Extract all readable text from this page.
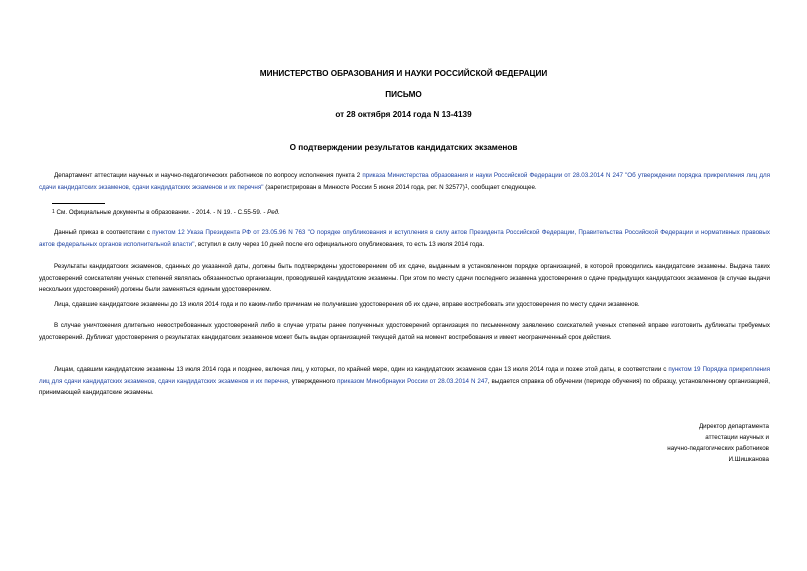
МИНИСТЕРСТВО ОБРАЗОВАНИЯ И НАУКИ РОССИЙСКОЙ ФЕДЕРАЦИИ
ПИСЬМО
от 28 октября 2014 года N 13-4139
О подтверждении результатов кандидатских экзаменов
Департамент аттестации научных и научно-педагогических работников по вопросу исполнения пункта 2 приказа Министерства образования и науки Российской Федерации от 28.03.2014 N 247 "Об утверждении порядка прикрепления лиц для сдачи кандидатских экзаменов, сдачи кандидатских экзаменов и их перечня" (зарегистрирован в Минюсте России 5 июня 2014 года, рег. N 32577)$^1$, сообщает следующее.
$^1$ См. Официальные документы в образовании. - 2014. - N 19. - С.55-59. - Ред.
Данный приказ в соответствии с пунктом 12 Указа Президента РФ от 23.05.96 N 763 "О порядке опубликования и вступления в силу актов Президента Российской Федерации, Правительства Российской Федерации и нормативных правовых актов федеральных органов исполнительной власти", вступил в силу через 10 дней после его официального опубликования, то есть 13 июля 2014 года.
Результаты кандидатских экзаменов, сданных до указанной даты, должны быть подтверждены удостоверением об их сдаче, выданным в установленном порядке организацией, в которой проводились кандидатские экзамены. Выдача таких удостоверений соискателям ученых степеней являлась обязанностью организации, проводившей кандидатские экзамены. При этом по месту сдачи последнего экзамена удостоверения о сдаче предыдущих кандидатских экзаменов (в случае выдачи нескольких удостоверений) должны были заменяться единым удостоверением.
Лица, сдавшие кандидатские экзамены до 13 июля 2014 года и по каким-либо причинам не получившие удостоверения об их сдаче, вправе востребовать эти удостоверения по месту сдачи экзаменов.
В случае уничтожения длительно невостребованных удостоверений либо в случае утраты ранее полученных удостоверений организация по письменному заявлению соискателей ученых степеней вправе изготовить дубликаты требуемых удостоверений. Дубликат удостоверения о результатах кандидатских экзаменов может быть выдан организацией текущей датой на момент востребования и имеет неограниченный срок действия.
Лицам, сдавшим кандидатские экзамены 13 июля 2014 года и позднее, включая лиц, у которых, по крайней мере, один из кандидатских экзаменов сдан 13 июля 2014 года и позже этой даты, в соответствии с пунктом 19 Порядка прикрепления лиц для сдачи кандидатских экзаменов, сдачи кандидатских экзаменов и их перечня, утвержденного приказом Минобрнауки России от 28.03.2014 N 247, выдается справка об обучении (периоде обучения) по образцу, установленному организацией, принимающей кандидатские экзамены.
Директор департамента
аттестации научных и
научно-педагогических работников
И.Шишканова
